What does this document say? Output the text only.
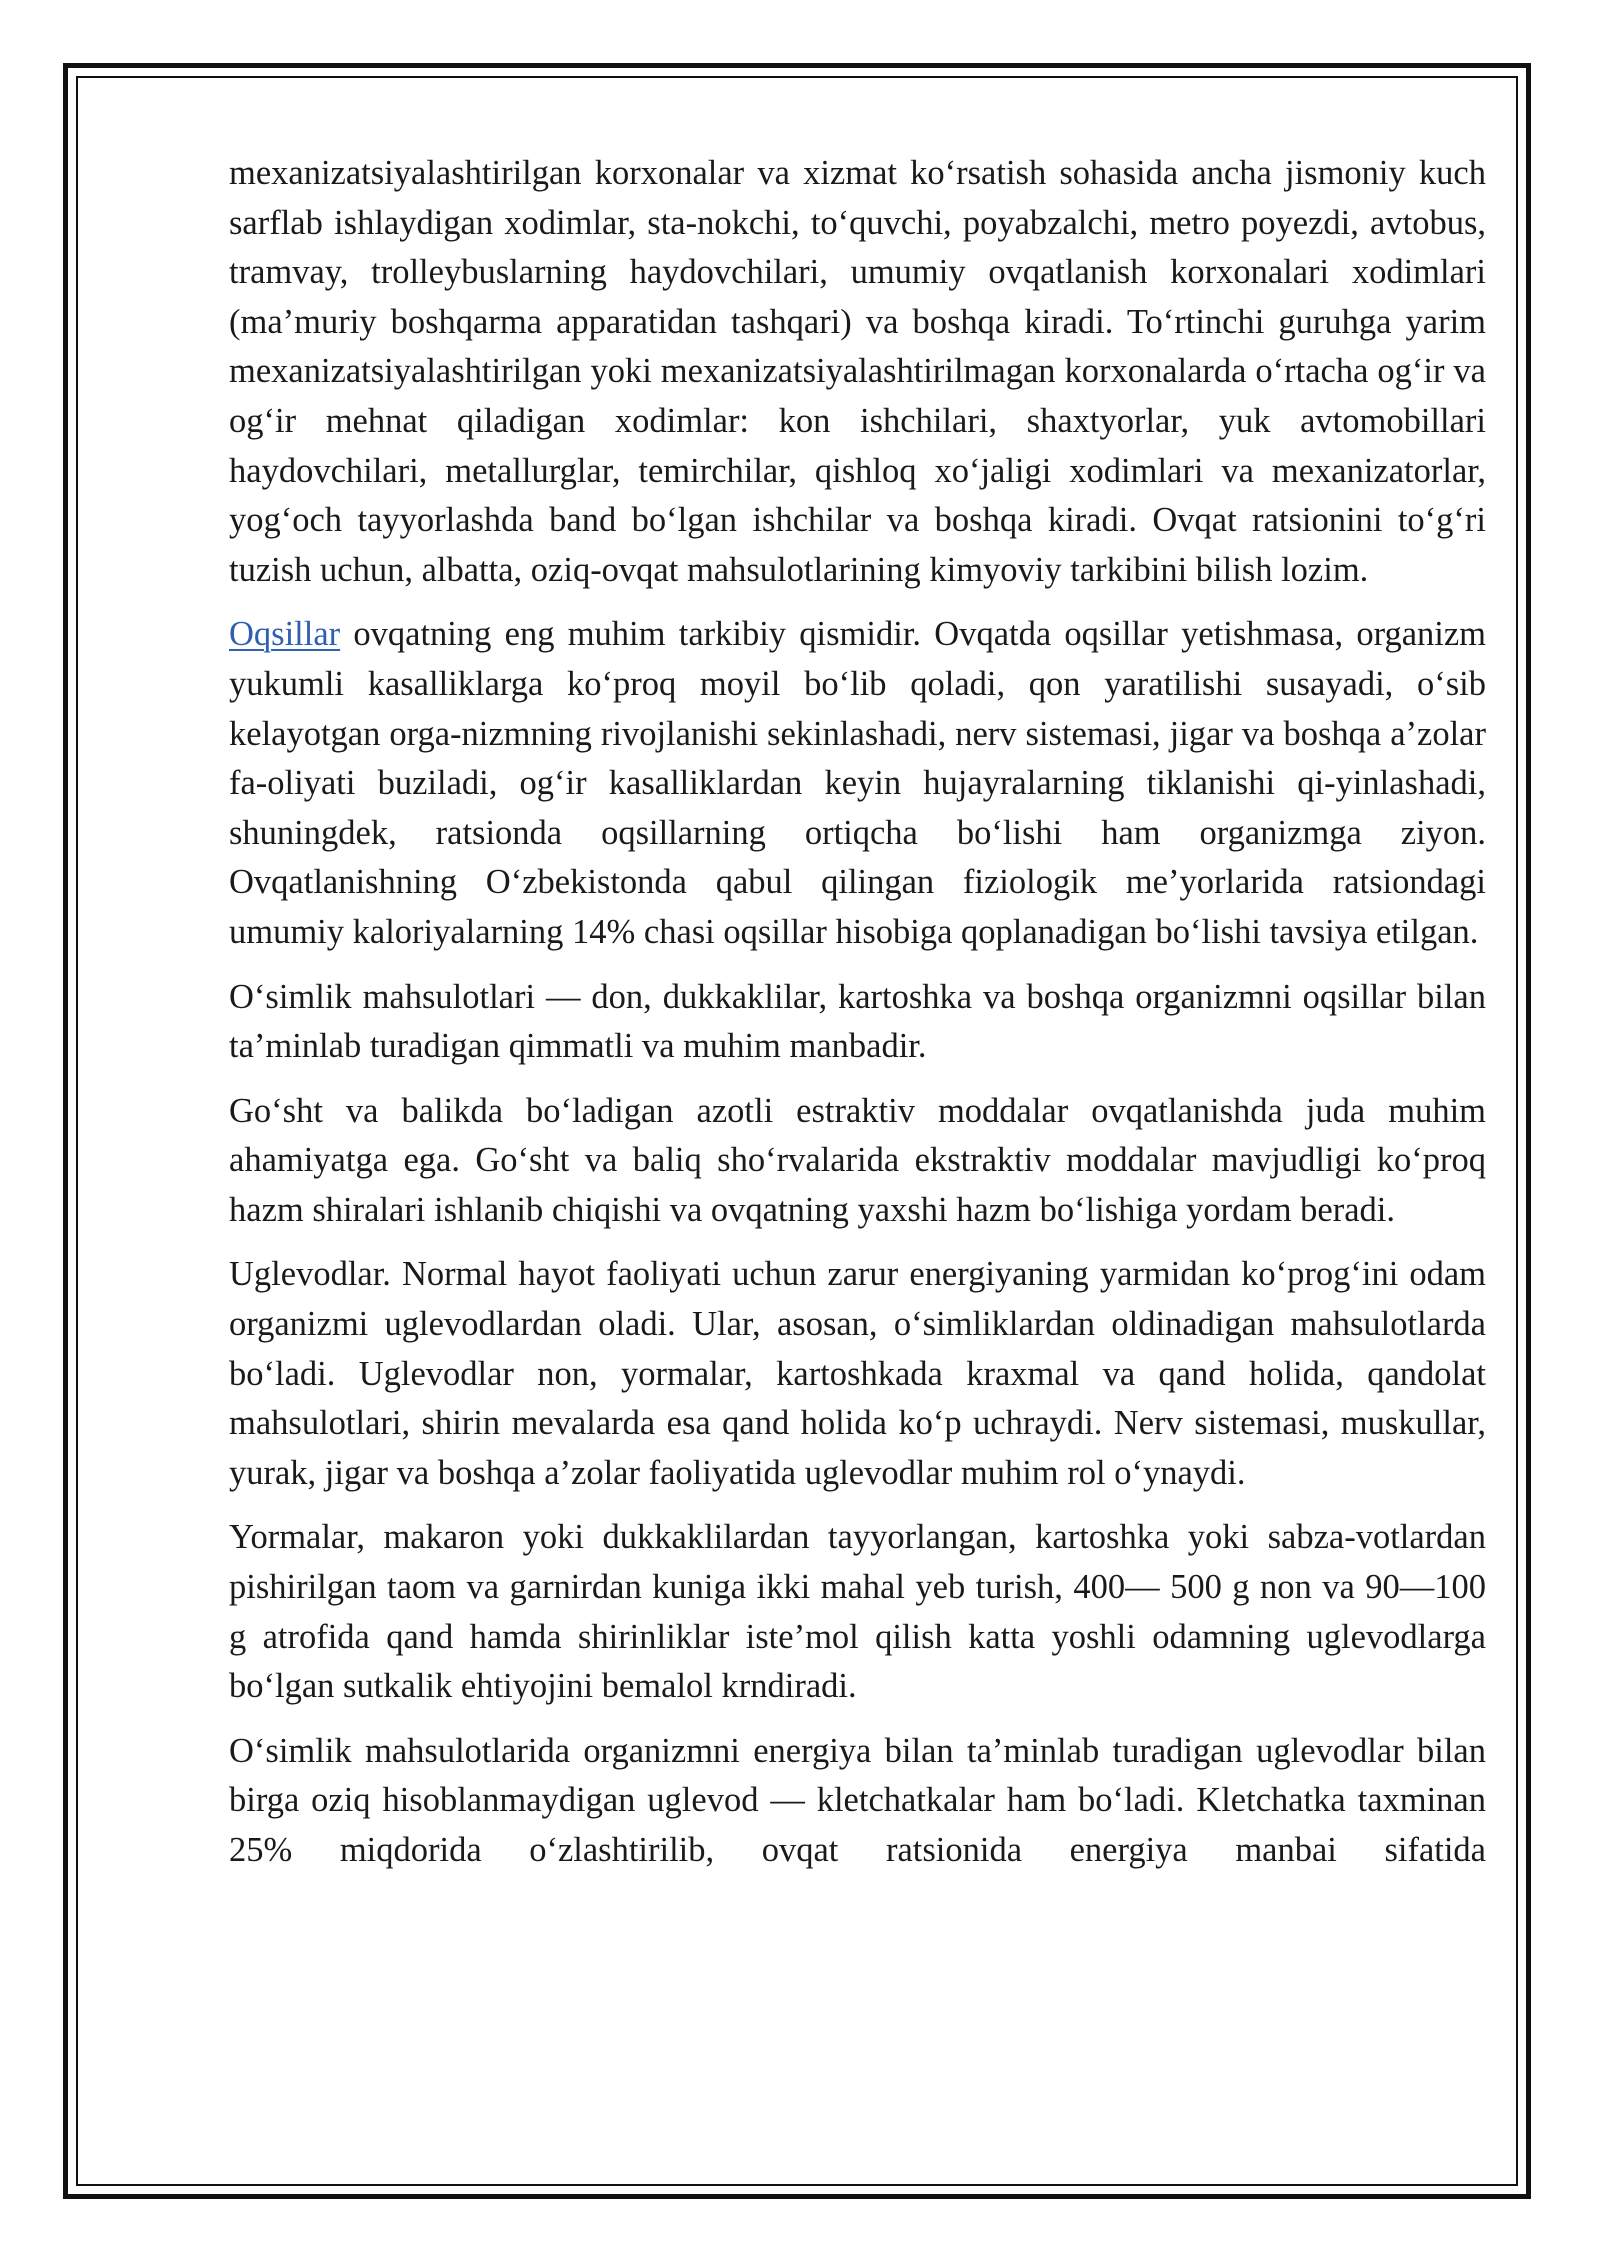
mexanizatsiyalashtirilgan korxonalar va xizmat ko‘rsatish sohasida ancha jismoniy kuch sarflab ishlaydigan xodimlar, sta-nokchi, to‘quvchi, poyabzalchi, metro poyezdi, avtobus, tramvay, trolleybuslarning haydovchilari, umumiy ovqatlanish korxonalari xodimlari (ma’muriy boshqarma apparatidan tashqari) va boshqa kiradi. To‘rtinchi guruhga yarim mexanizatsiyalashtirilgan yoki mexanizatsiyalashtirilmagan korxonalarda o‘rtacha og‘ir va og‘ir mehnat qiladigan xodimlar: kon ishchilari, shaxtyorlar, yuk avtomobillari haydovchilari, metallurglar, temirchilar, qishloq xo‘jaligi xodimlari va mexanizatorlar, yog‘och tayyorlashda band bo‘lgan ishchilar va boshqa kiradi. Ovqat ratsionini to‘g‘ri tuzish uchun, albatta, oziq-ovqat mahsulotlarining kimyoviy tarkibini bilish lozim.

Oqsillar ovqatning eng muhim tarkibiy qismidir. Ovqatda oqsillar yetishmasa, organizm yukumli kasalliklarga ko‘proq moyil bo‘lib qoladi, qon yaratilishi susayadi, o‘sib kelayotgan orga-nizmning rivojlanishi sekinlashadi, nerv sistemasi, jigar va boshqa a’zolar fa-oliyati buziladi, og‘ir kasalliklardan keyin hujayralarning tiklanishi qi-yinlashadi, shuningdek, ratsionda oqsillarning ortiqcha bo‘lishi ham organizmga ziyon. Ovqatlanishning O‘zbekistonda qabul qilingan fiziologik me’yorlarida ratsiondagi umumiy kaloriyalarning 14% chasi oqsillar hisobiga qoplanadigan bo‘lishi tavsiya etilgan.

O‘simlik mahsulotlari — don, dukkaklilar, kartoshka va boshqa organizmni oqsillar bilan ta’minlab turadigan qimmatli va muhim manbadir.

Go‘sht va balikda bo‘ladigan azotli estraktiv moddalar ovqatlanishda juda muhim ahamiyatga ega. Go‘sht va baliq sho‘rvalarida ekstraktiv moddalar mavjudligi ko‘proq hazm shiralari ishlanib chiqishi va ovqatning yaxshi hazm bo‘lishiga yordam beradi.

Uglevodlar. Normal hayot faoliyati uchun zarur energiyaning yarmidan ko‘prog‘ini odam organizmi uglevodlardan oladi. Ular, asosan, o‘simliklardan oldinadigan mahsulotlarda bo‘ladi. Uglevodlar non, yormalar, kartoshkada kraxmal va qand holida, qandolat mahsulotlari, shirin mevalarda esa qand holida ko‘p uchraydi. Nerv sistemasi, muskullar, yurak, jigar va boshqa a’zolar faoliyatida uglevodlar muhim rol o‘ynaydi.

Yormalar, makaron yoki dukkaklilardan tayyorlangan, kartoshka yoki sabza-votlardan pishirilgan taom va garnirdan kuniga ikki mahal yeb turish, 400— 500 g non va 90—100 g atrofida qand hamda shirinliklar iste’mol qilish katta yoshli odamning uglevodlarga bo‘lgan sutkalik ehtiyojini bemalol krndiradi.

O‘simlik mahsulotlarida organizmni energiya bilan ta’minlab turadigan uglevodlar bilan birga oziq hisoblanmaydigan uglevod — kletchatkalar ham bo‘ladi. Kletchatka taxminan 25% miqdorida o‘zlashtirilib, ovqat ratsionida energiya manbai sifatida
